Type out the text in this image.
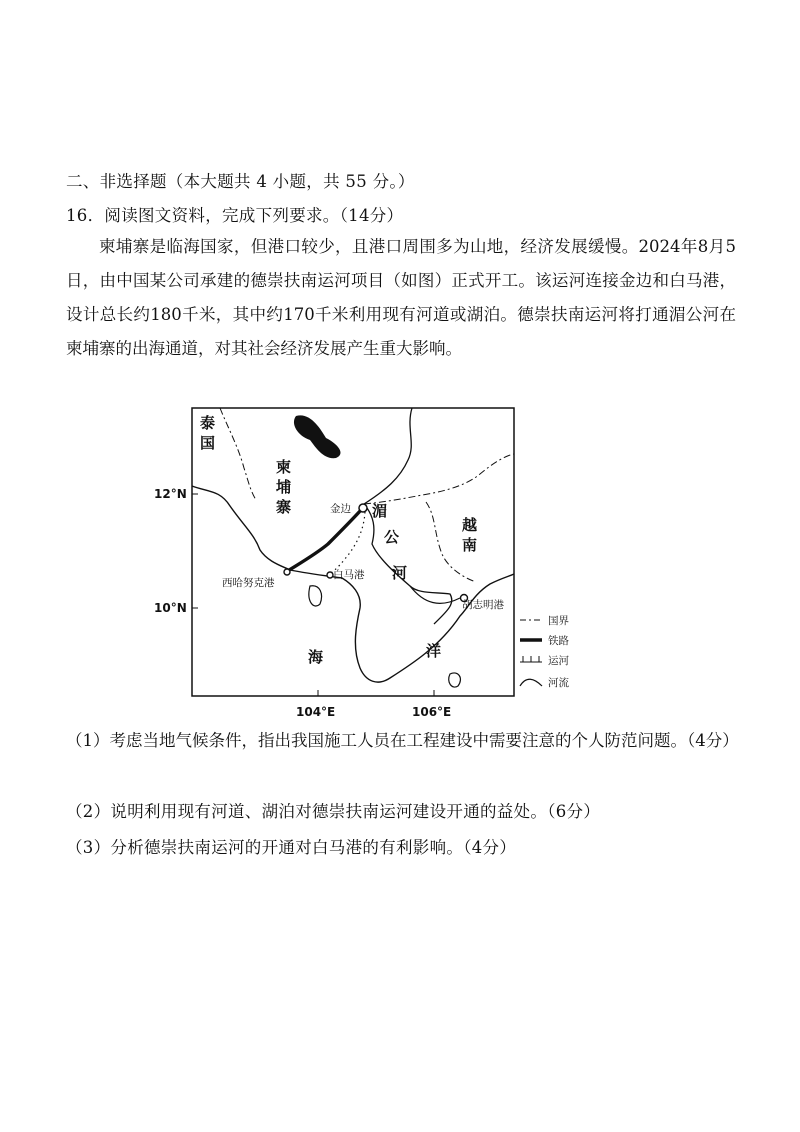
二、非选择题（本大题共 4 小题，共 55 分。）
16．阅读图文资料，完成下列要求。（14分）
柬埔寨是临海国家，但港口较少，且港口周围多为山地，经济发展缓慢。2024年8月5日，由中国某公司承建的德崇扶南运河项目（如图）正式开工。该运河连接金边和白马港，设计总长约180千米，其中约170千米利用现有河道或湖泊。德崇扶南运河将打通湄公河在柬埔寨的出海通道，对其社会经济发展产生重大影响。
泰
国
柬
埔
寨
越
南
湄
公
河
海	洋
金边
白马港
西哈努克港
胡志明港
12°N
10°N
104°E	106°E
国界
铁路
运河
河流
（1）考虑当地气候条件，指出我国施工人员在工程建设中需要注意的个人防范问题。（4分）
（2）说明利用现有河道、湖泊对德崇扶南运河建设开通的益处。（6分）
（3）分析德崇扶南运河的开通对白马港的有利影响。（4分）
